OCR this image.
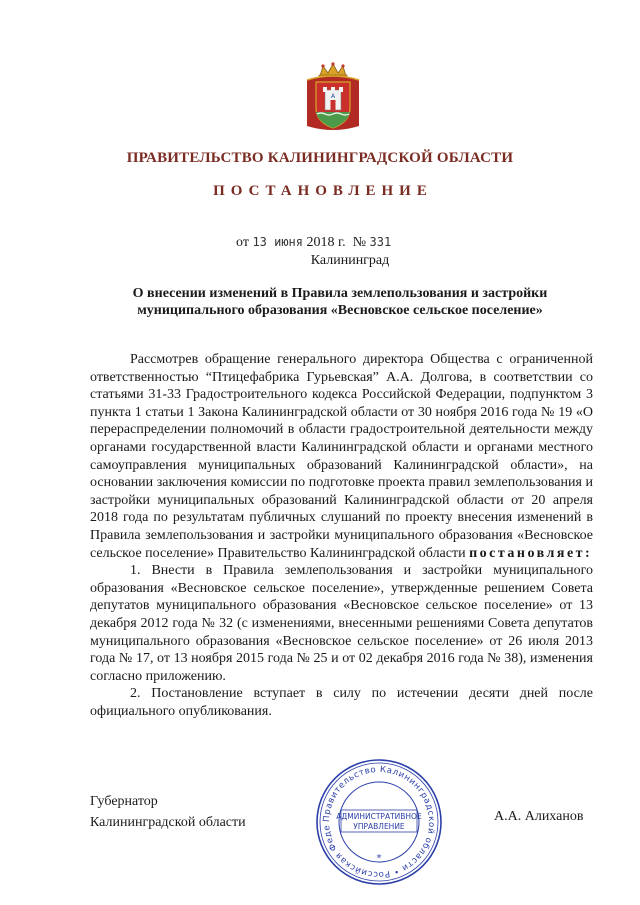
A
ПРАВИТЕЛЬСТВО КАЛИНИНГРАДСКОЙ ОБЛАСТИ
ПОСТАНОВЛЕНИЕ
от 13 июня 2018 г. № 331
Калининград
О внесении изменений в Правила землепользования и застройки муниципального образования «Весновское сельское поселение»

Рассмотрев обращение генерального директора Общества с ограниченной ответственностью “Птицефабрика Гурьевская” А.А. Долгова, в соответствии со статьями 31-33 Градостроительного кодекса Российской Федерации, подпунктом 3 пункта 1 статьи 1 Закона Калининградской области от 30 ноября 2016 года № 19 «О перераспределении полномочий в области градостроительной деятельности между органами государственной власти Калининградской области и органами местного самоуправления муниципальных образований Калининградской области», на основании заключения комиссии по подготовке проекта правил землепользования и застройки муниципальных образований Калининградской области от 20 апреля 2018 года по результатам публичных слушаний по проекту внесения изменений в Правила землепользования и застройки муниципального образования «Весновское сельское поселение» Правительство Калининградской области постановляет:

1. Внести в Правила землепользования и застройки муниципального образования «Весновское сельское поселение», утвержденные решением Совета депутатов муниципального образования «Весновское сельское поселение» от 13 декабря 2012 года № 32 (с изменениями, внесенными решениями Совета депутатов муниципального образования «Весновское сельское поселение» от 26 июля 2013 года № 17, от 13 ноября 2015 года № 25 и от 02 декабря 2016 года № 38), изменения согласно приложению.

2. Постановление вступает в силу по истечении десяти дней после официального опубликования.

Губернатор
Калининградской области	А.А. Алиханов
Правительство Калининградской области • Российская Феде
АДМИНИСТРАТИВНОЕ
УПРАВЛЕНИЕ
*
